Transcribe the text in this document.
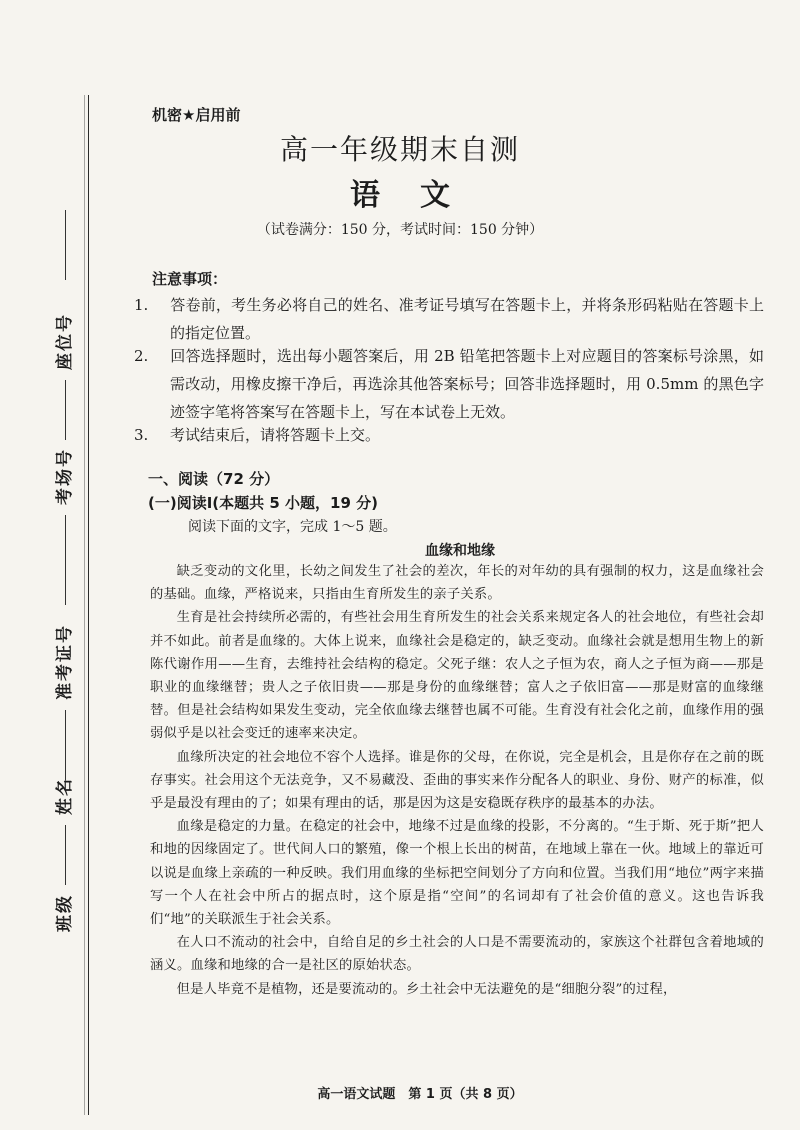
座位号
考场号
准考证号
姓名
班级
机密★启用前
高一年级期末自测
语文
（试卷满分：150 分，考试时间：150 分钟）
注意事项：
1. 答卷前，考生务必将自己的姓名、准考证号填写在答题卡上，并将条形码粘贴在答题卡上的指定位置。
2. 回答选择题时，选出每小题答案后，用 2B 铅笔把答题卡上对应题目的答案标号涂黑，如需改动，用橡皮擦干净后，再选涂其他答案标号；回答非选择题时，用 0.5mm 的黑色字迹签字笔将答案写在答题卡上，写在本试卷上无效。
3. 考试结束后，请将答题卡上交。
一、阅读（72 分）
(一)阅读Ⅰ(本题共 5 小题，19 分)
阅读下面的文字，完成 1～5 题。
血缘和地缘

缺乏变动的文化里，长幼之间发生了社会的差次，年长的对年幼的具有强制的权力，这是血缘社会的基础。血缘，严格说来，只指由生育所发生的亲子关系。

生育是社会持续所必需的，有些社会用生育所发生的社会关系来规定各人的社会地位，有些社会却并不如此。前者是血缘的。大体上说来，血缘社会是稳定的，缺乏变动。血缘社会就是想用生物上的新陈代谢作用——生育，去维持社会结构的稳定。父死子继：农人之子恒为农，商人之子恒为商——那是职业的血缘继替；贵人之子依旧贵——那是身份的血缘继替；富人之子依旧富——那是财富的血缘继替。但是社会结构如果发生变动，完全依血缘去继替也属不可能。生育没有社会化之前，血缘作用的强弱似乎是以社会变迁的速率来决定。

血缘所决定的社会地位不容个人选择。谁是你的父母，在你说，完全是机会，且是你存在之前的既存事实。社会用这个无法竞争，又不易藏没、歪曲的事实来作分配各人的职业、身份、财产的标准，似乎是最没有理由的了；如果有理由的话，那是因为这是安稳既存秩序的最基本的办法。

血缘是稳定的力量。在稳定的社会中，地缘不过是血缘的投影，不分离的。“生于斯、死于斯”把人和地的因缘固定了。世代间人口的繁殖，像一个根上长出的树苗，在地域上靠在一伙。地域上的靠近可以说是血缘上亲疏的一种反映。我们用血缘的坐标把空间划分了方向和位置。当我们用“地位”两字来描写一个人在社会中所占的据点时，这个原是指“空间”的名词却有了社会价值的意义。这也告诉我们“地”的关联派生于社会关系。

在人口不流动的社会中，自给自足的乡土社会的人口是不需要流动的，家族这个社群包含着地域的涵义。血缘和地缘的合一是社区的原始状态。

但是人毕竟不是植物，还是要流动的。乡土社会中无法避免的是“细胞分裂”的过程，

高一语文试题　第 1 页（共 8 页）
